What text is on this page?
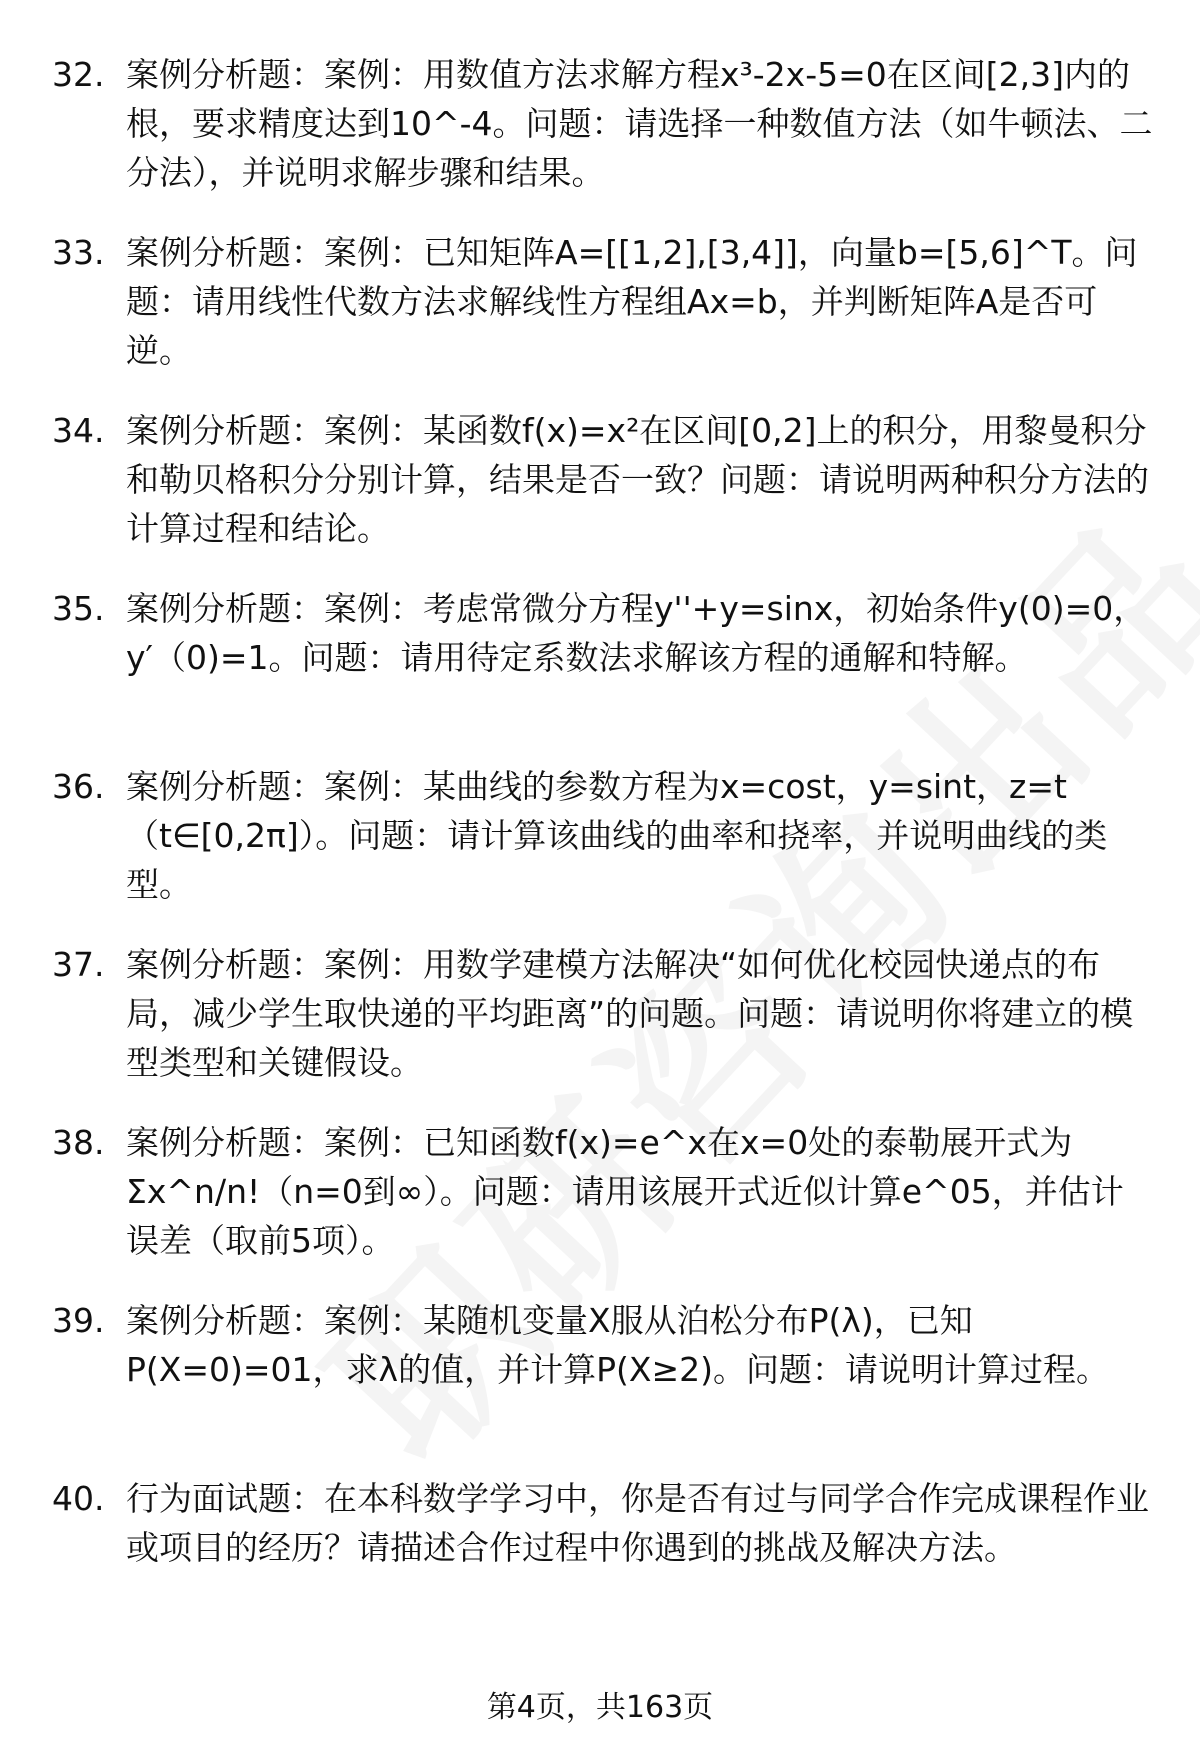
32. 案例分析题：案例：用数值方法求解方程x³-2x-5=0在区间[2,3]内的根，要求精度达到10^-4。问题：请选择一种数值方法（如牛顿法、二分法），并说明求解步骤和结果。
33. 案例分析题：案例：已知矩阵A=[[1,2],[3,4]]，向量b=[5,6]^T。问题：请用线性代数方法求解线性方程组Ax=b，并判断矩阵A是否可逆。
34. 案例分析题：案例：某函数f(x)=x²在区间[0,2]上的积分，用黎曼积分和勒贝格积分分别计算，结果是否一致？问题：请说明两种积分方法的计算过程和结论。
35. 案例分析题：案例：考虑常微分方程y''+y=sinx，初始条件y(0)=0，y′（0)=1。问题：请用待定系数法求解该方程的通解和特解。
36. 案例分析题：案例：某曲线的参数方程为x=cost，y=sint，z=t（t∈[0,2π]）。问题：请计算该曲线的曲率和挠率，并说明曲线的类型。
37. 案例分析题：案例：用数学建模方法解决“如何优化校园快递点的布局，减少学生取快递的平均距离”的问题。问题：请说明你将建立的模型类型和关键假设。
38. 案例分析题：案例：已知函数f(x)=e^x在x=0处的泰勒展开式为Σx^n/n!（n=0到∞）。问题：请用该展开式近似计算e^05，并估计误差（取前5项）。
39. 案例分析题：案例：某随机变量X服从泊松分布P(λ)，已知P(X=0)=01，求λ的值，并计算P(X≥2)。问题：请说明计算过程。
40. 行为面试题：在本科数学学习中，你是否有过与同学合作完成课程作业或项目的经历？请描述合作过程中你遇到的挑战及解决方法。
第4页，共163页
